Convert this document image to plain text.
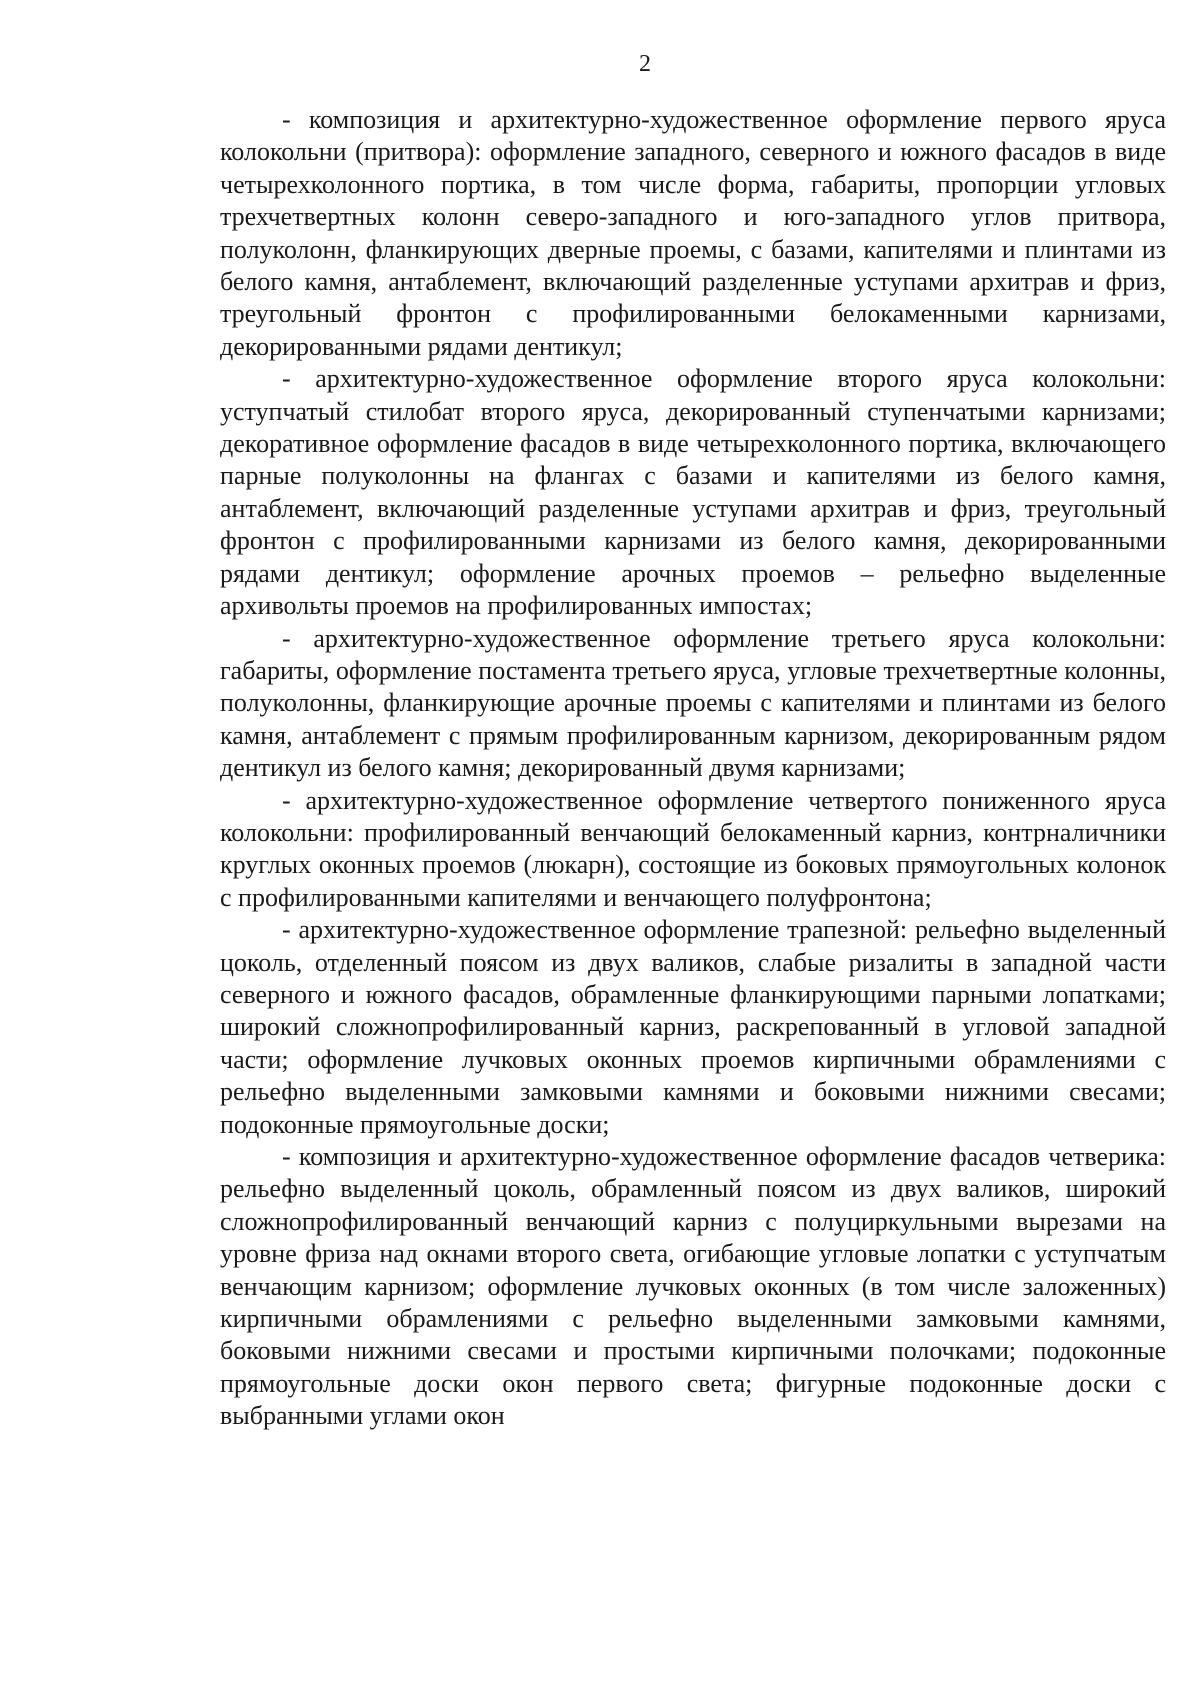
2

- композиция и архитектурно-художественное оформление первого яруса колокольни (притвора): оформление западного, северного и южного фасадов в виде четырехколонного портика, в том числе форма, габариты, пропорции угловых трехчетвертных колонн северо-западного и юго-западного углов притвора, полуколонн, фланкирующих дверные проемы, с базами, капителями и плинтами из белого камня, антаблемент, включающий разделенные уступами архитрав и фриз, треугольный фронтон с профилированными белокаменными карнизами, декорированными рядами дентикул;

- архитектурно-художественное оформление второго яруса колокольни: уступчатый стилобат второго яруса, декорированный ступенчатыми карнизами; декоративное оформление фасадов в виде четырехколонного портика, включающего парные полуколонны на флангах с базами и капителями из белого камня, антаблемент, включающий разделенные уступами архитрав и фриз, треугольный фронтон с профилированными карнизами из белого камня, декорированными рядами дентикул; оформление арочных проемов – рельефно выделенные архивольты проемов на профилированных импостах;

- архитектурно-художественное оформление третьего яруса колокольни: габариты, оформление постамента третьего яруса, угловые трехчетвертные колонны, полуколонны, фланкирующие арочные проемы с капителями и плинтами из белого камня, антаблемент с прямым профилированным карнизом, декорированным рядом дентикул из белого камня; декорированный двумя карнизами;

- архитектурно-художественное оформление четвертого пониженного яруса колокольни: профилированный венчающий белокаменный карниз, контрналичники круглых оконных проемов (люкарн), состоящие из боковых прямоугольных колонок с профилированными капителями и венчающего полуфронтона;

- архитектурно-художественное оформление трапезной: рельефно выделенный цоколь, отделенный поясом из двух валиков, слабые ризалиты в западной части северного и южного фасадов, обрамленные фланкирующими парными лопатками; широкий сложнопрофилированный карниз, раскрепованный в угловой западной части; оформление лучковых оконных проемов кирпичными обрамлениями с рельефно выделенными замковыми камнями и боковыми нижними свесами; подоконные прямоугольные доски;

- композиция и архитектурно-художественное оформление фасадов четверика: рельефно выделенный цоколь, обрамленный поясом из двух валиков, широкий сложнопрофилированный венчающий карниз с полуциркульными вырезами на уровне фриза над окнами второго света, огибающие угловые лопатки с уступчатым венчающим карнизом; оформление лучковых оконных (в том числе заложенных) кирпичными обрамлениями с рельефно выделенными замковыми камнями, боковыми нижними свесами и простыми кирпичными полочками; подоконные прямоугольные доски окон первого света; фигурные подоконные доски с выбранными углами окон
